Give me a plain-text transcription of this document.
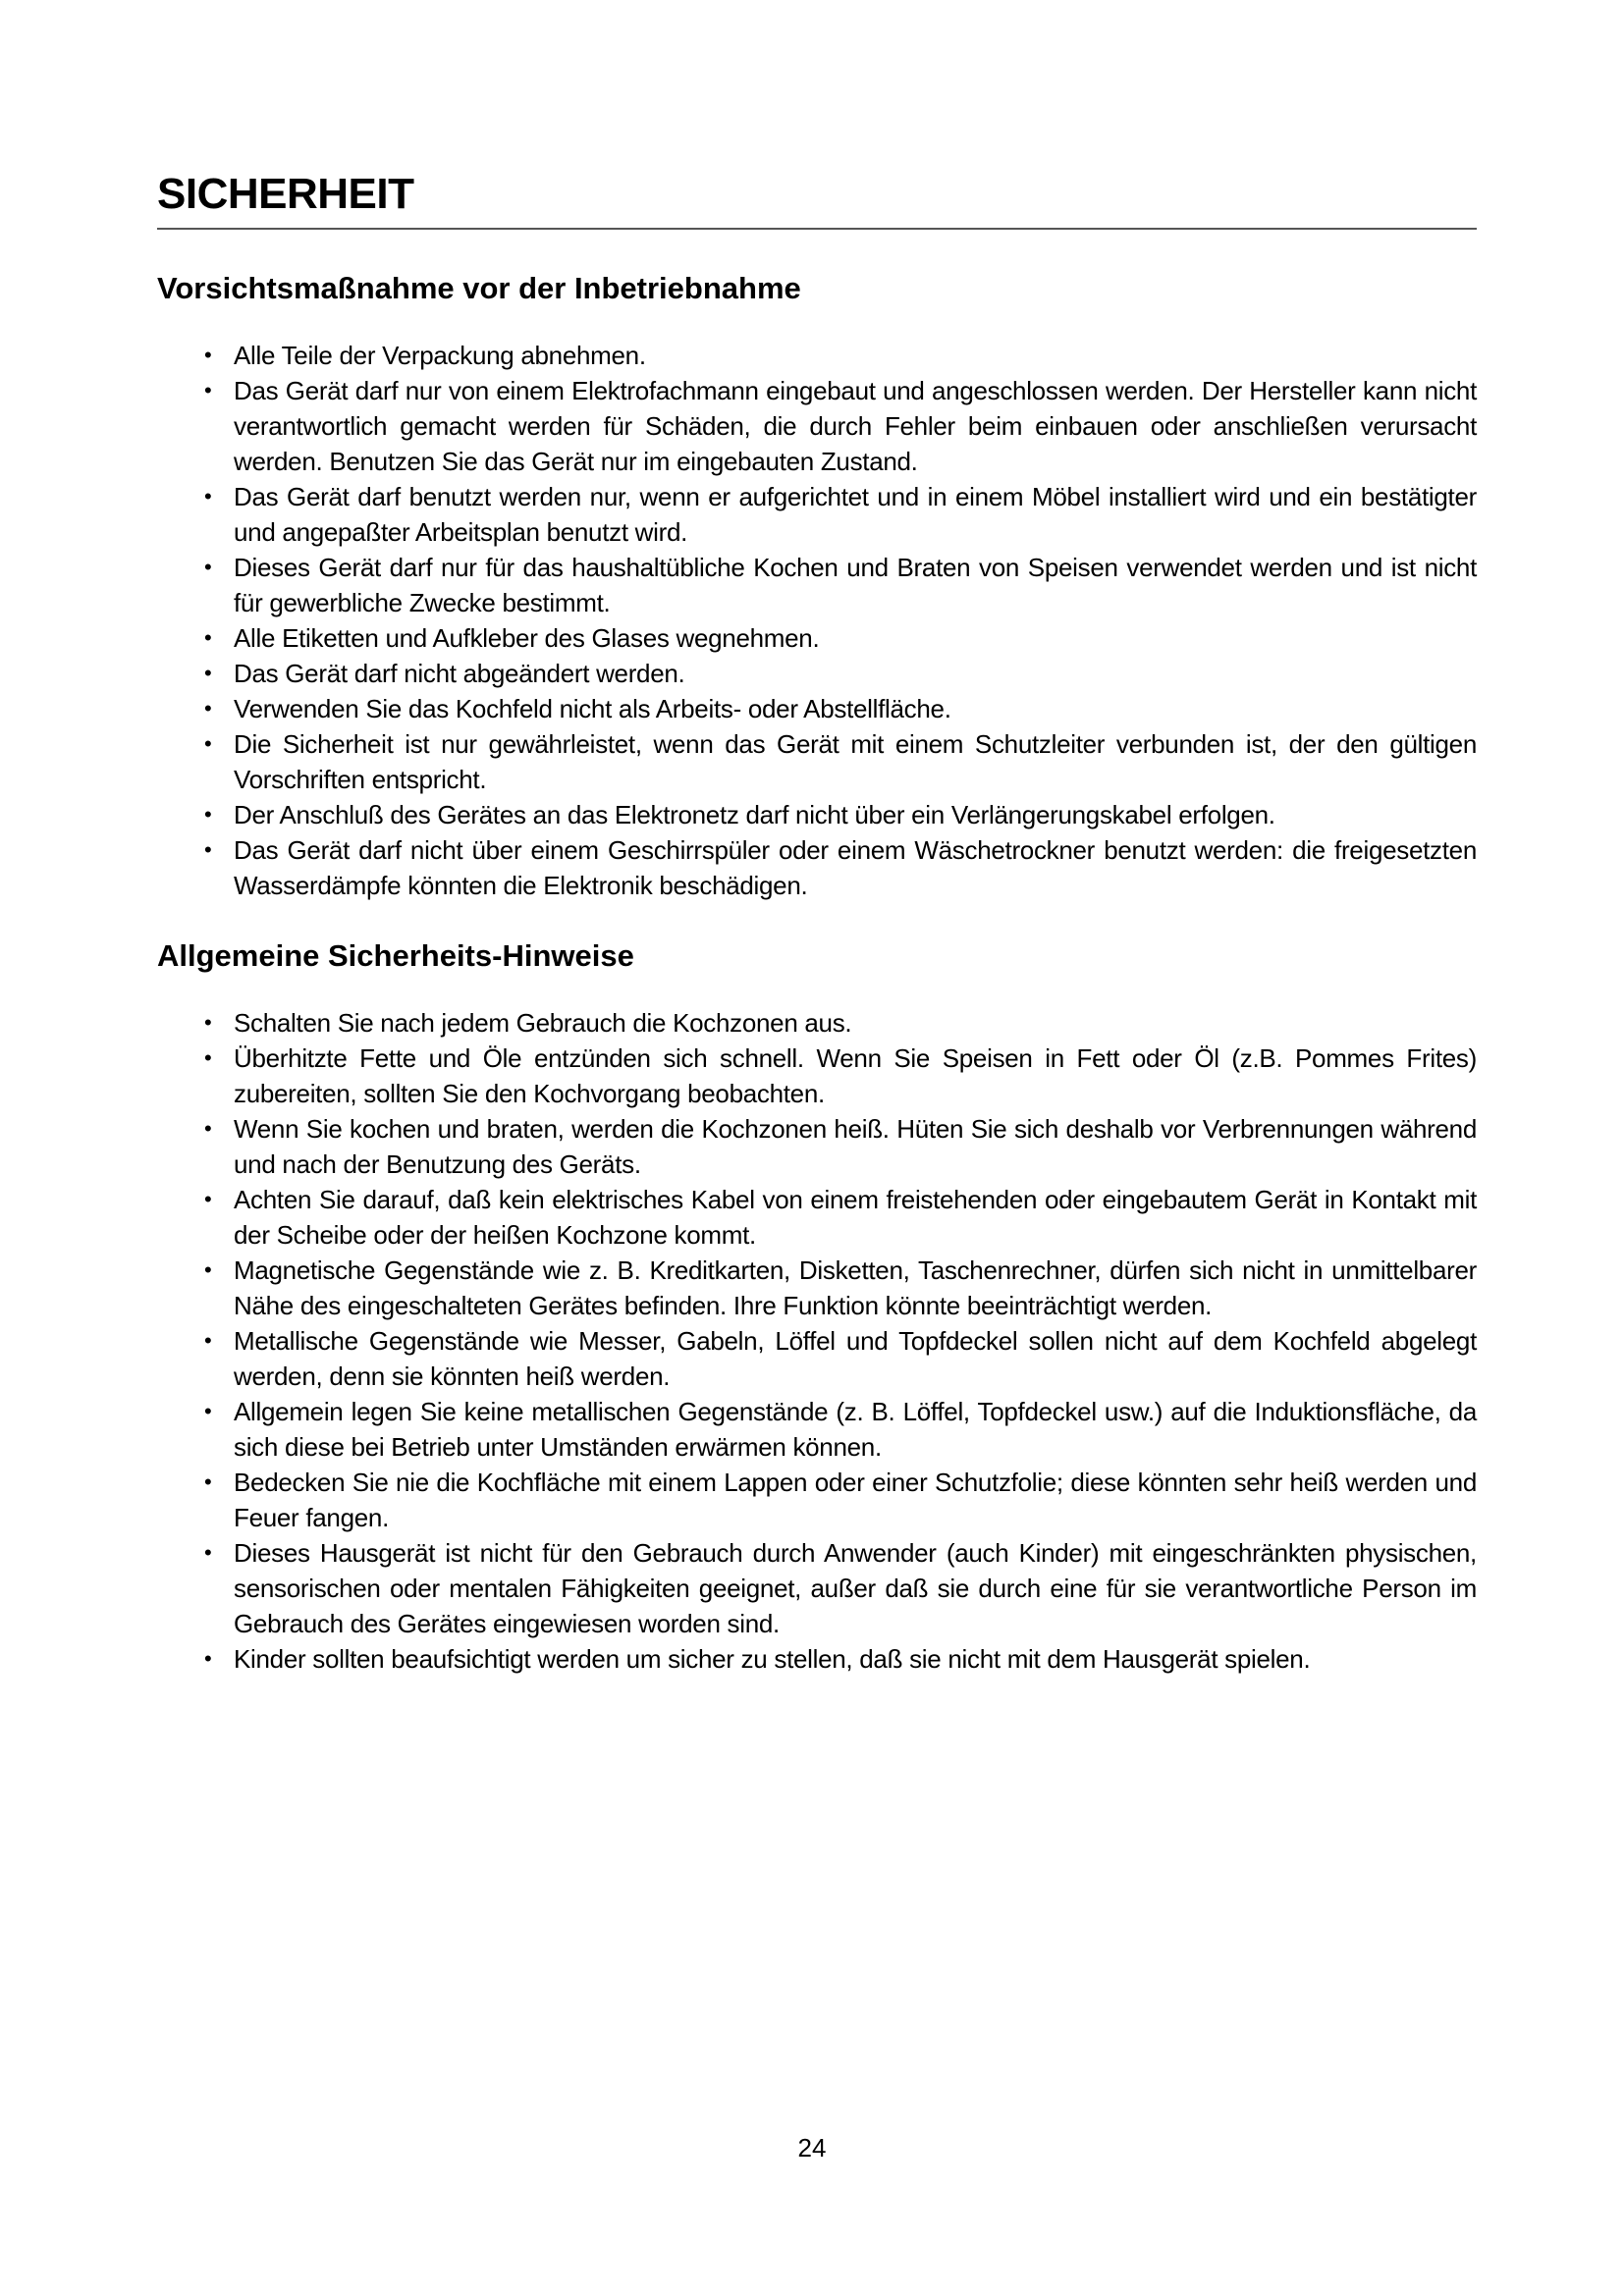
SICHERHEIT
Vorsichtsmaßnahme vor der Inbetriebnahme
• Alle Teile der Verpackung abnehmen.
• Das Gerät darf nur von einem Elektrofachmann eingebaut und angeschlossen werden. Der Hersteller kann nicht verantwortlich gemacht werden für Schäden, die durch Fehler beim einbauen oder anschließen verursacht werden. Benutzen Sie das Gerät nur im eingebauten Zustand.
• Das Gerät darf benutzt werden nur, wenn er aufgerichtet und in einem Möbel installiert wird und ein bestätigter und angepaßter Arbeitsplan benutzt wird.
• Dieses Gerät darf nur für das haushaltübliche Kochen und Braten von Speisen verwendet werden und ist nicht für gewerbliche Zwecke bestimmt.
• Alle Etiketten und Aufkleber des Glases wegnehmen.
• Das Gerät darf nicht abgeändert werden.
• Verwenden Sie das Kochfeld nicht als Arbeits- oder Abstellfläche.
• Die Sicherheit ist nur gewährleistet, wenn das Gerät mit einem Schutzleiter verbunden ist, der den gültigen Vorschriften entspricht.
• Der Anschluß des Gerätes an das Elektronetz darf nicht über ein Verlängerungskabel erfolgen.
• Das Gerät darf nicht über einem Geschirrspüler oder einem Wäschetrockner benutzt werden: die freigesetzten Wasserdämpfe könnten die Elektronik beschädigen.
Allgemeine Sicherheits-Hinweise
• Schalten Sie nach jedem Gebrauch die Kochzonen aus.
• Überhitzte Fette und Öle entzünden sich schnell. Wenn Sie Speisen in Fett oder Öl (z.B. Pommes Frites) zubereiten, sollten Sie den Kochvorgang beobachten.
• Wenn Sie kochen und braten, werden die Kochzonen heiß. Hüten Sie sich deshalb vor Verbrennungen während und nach der Benutzung des Geräts.
• Achten Sie darauf, daß kein elektrisches Kabel von einem freistehenden oder eingebautem Gerät in Kontakt mit der Scheibe oder der heißen Kochzone kommt.
• Magnetische Gegenstände wie z. B. Kreditkarten, Disketten, Taschenrechner, dürfen sich nicht in unmittelbarer Nähe des eingeschalteten Gerätes befinden. Ihre Funktion könnte beeinträchtigt werden.
• Metallische Gegenstände wie Messer, Gabeln, Löffel und Topfdeckel sollen nicht auf dem Kochfeld abgelegt werden, denn sie könnten heiß werden.
• Allgemein legen Sie keine metallischen Gegenstände (z. B. Löffel, Topfdeckel usw.) auf die Induktionsfläche, da sich diese bei Betrieb unter Umständen erwärmen können.
• Bedecken Sie nie die Kochfläche mit einem Lappen oder einer Schutzfolie; diese könnten sehr heiß werden und Feuer fangen.
• Dieses Hausgerät ist nicht für den Gebrauch durch Anwender (auch Kinder) mit eingeschränkten physischen, sensorischen oder mentalen Fähigkeiten geeignet, außer daß sie durch eine für sie verantwortliche Person im Gebrauch des Gerätes eingewiesen worden sind.
• Kinder sollten beaufsichtigt werden um sicher zu stellen, daß sie nicht mit dem Hausgerät spielen.
24
